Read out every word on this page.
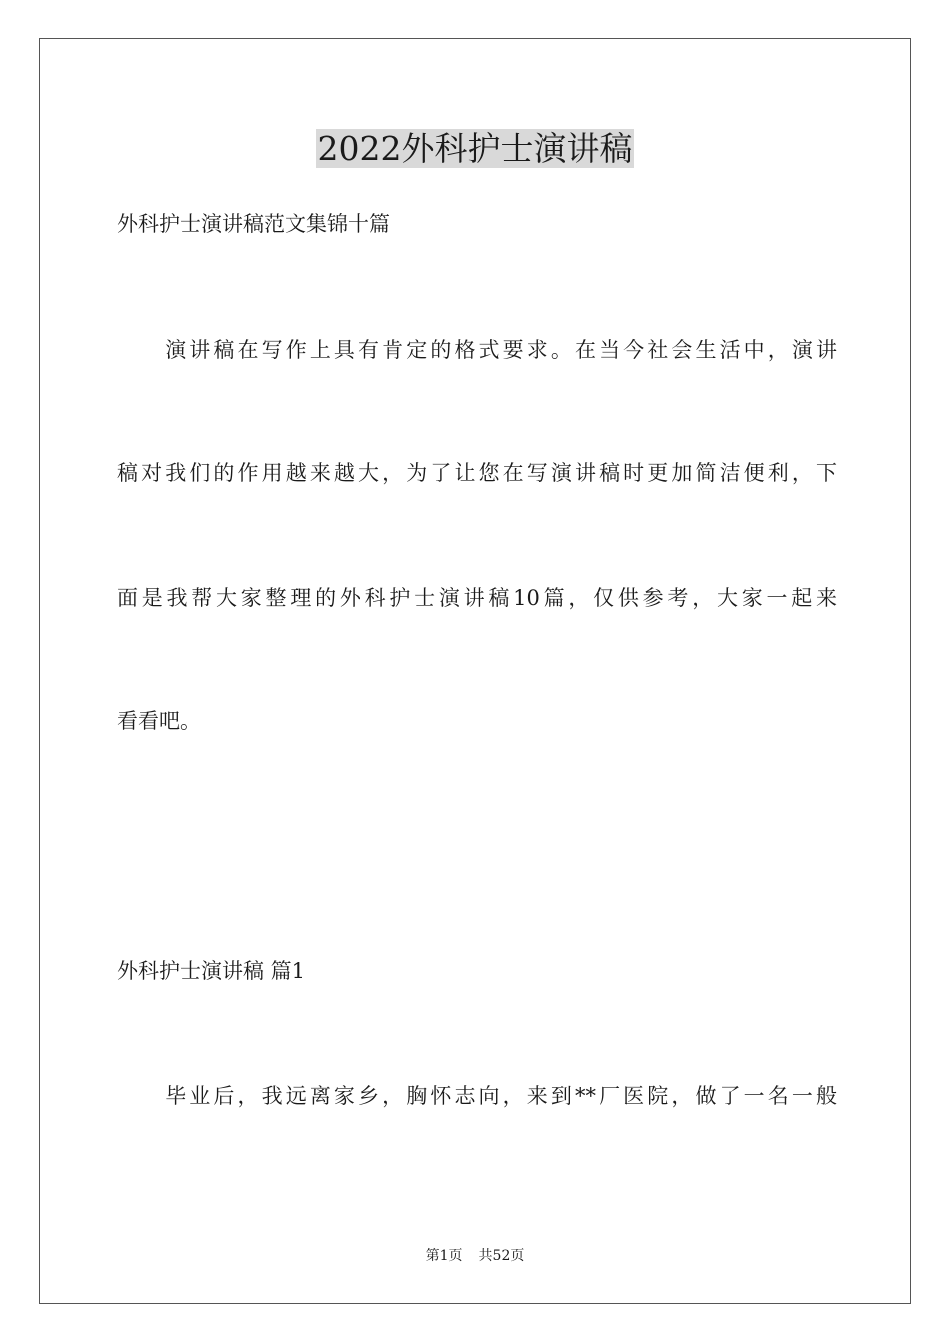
2022外科护士演讲稿

外科护士演讲稿范文集锦十篇

　　演讲稿在写作上具有肯定的格式要求。在当今社会生活中，演讲

稿对我们的作用越来越大，为了让您在写演讲稿时更加简洁便利，下

面是我帮大家整理的外科护士演讲稿10篇，仅供参考，大家一起来

看看吧。

外科护士演讲稿 篇1

　　毕业后，我远离家乡，胸怀志向，来到**厂医院，做了一名一般

第1页 共52页
